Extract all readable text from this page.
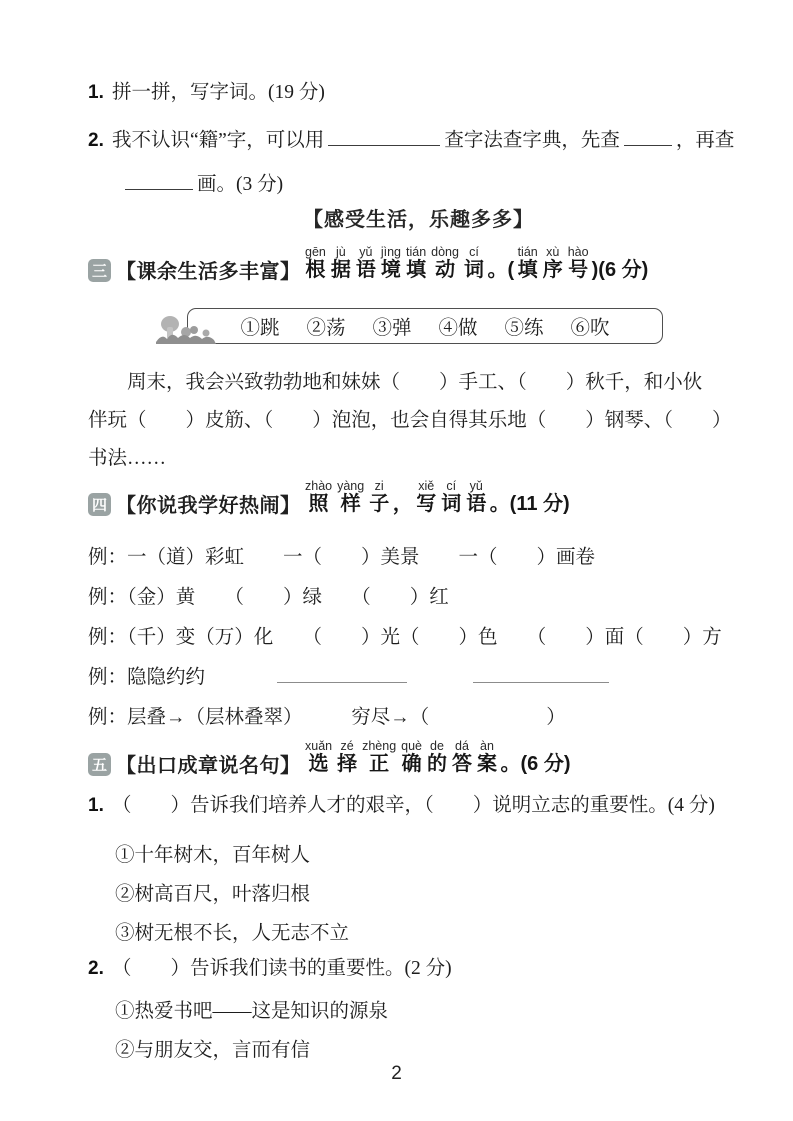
1. 拼一拼，写字词。(19 分)
2. 我不认识“籍”字，可以用	查字法查字典，先查	，再查
画。(3 分)
【感受生活，乐趣多多】
三 【课余生活多丰富】 根gēn据jù语yǔ境jìng填tián动dòng词cí。( 填tián序xù号hào)(6 分)
①跳 ②荡 ③弹 ④做 ⑤练 ⑥吹
周末，我会兴致勃勃地和妹妹（　　）手工、（　　）秋千，和小伙
伴玩（　　）皮筋、（　　）泡泡，也会自得其乐地（　　）钢琴、（　　）
书法……
四 【你说我学好热闹】 照zhào样yàng子zi， 写xiě词cí语yǔ。(11 分)
例：一（道）彩虹　　一（　　）美景　　一（　　）画卷
例：（金）黄　　（　　）绿　　（　　）红
例：（千）变（万）化　　（　　）光（　　）色　　（　　）面（　　）方
例：隐隐约约
例：层叠→（层林叠翠）　　　穷尽→（　　　　　　）
五 【出口成章说名句】 选xuǎn择zé正zhèng确què的de答dá案àn。(6 分)
1. （　　）告诉我们培养人才的艰辛，（　　）说明立志的重要性。(4 分)
①十年树木，百年树人
②树高百尺，叶落归根
③树无根不长，人无志不立
2. （　　）告诉我们读书的重要性。(2 分)
①热爱书吧——这是知识的源泉
②与朋友交，言而有信
2
